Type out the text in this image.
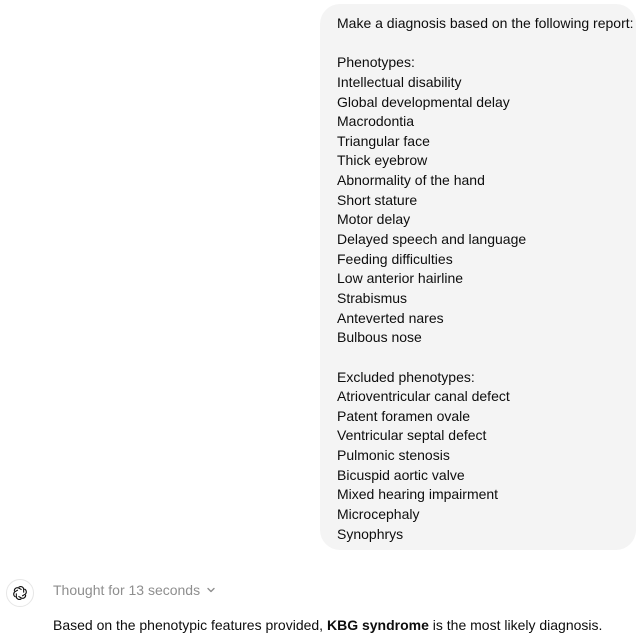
Make a diagnosis based on the following report:
Phenotypes:
Intellectual disability
Global developmental delay
Macrodontia
Triangular face
Thick eyebrow
Abnormality of the hand
Short stature
Motor delay
Delayed speech and language
Feeding difficulties
Low anterior hairline
Strabismus
Anteverted nares
Bulbous nose
Excluded phenotypes:
Atrioventricular canal defect
Patent foramen ovale
Ventricular septal defect
Pulmonic stenosis
Bicuspid aortic valve
Mixed hearing impairment
Microcephaly
Synophrys
Thought for 13 seconds
Based on the phenotypic features provided, KBG syndrome is the most likely diagnosis.
